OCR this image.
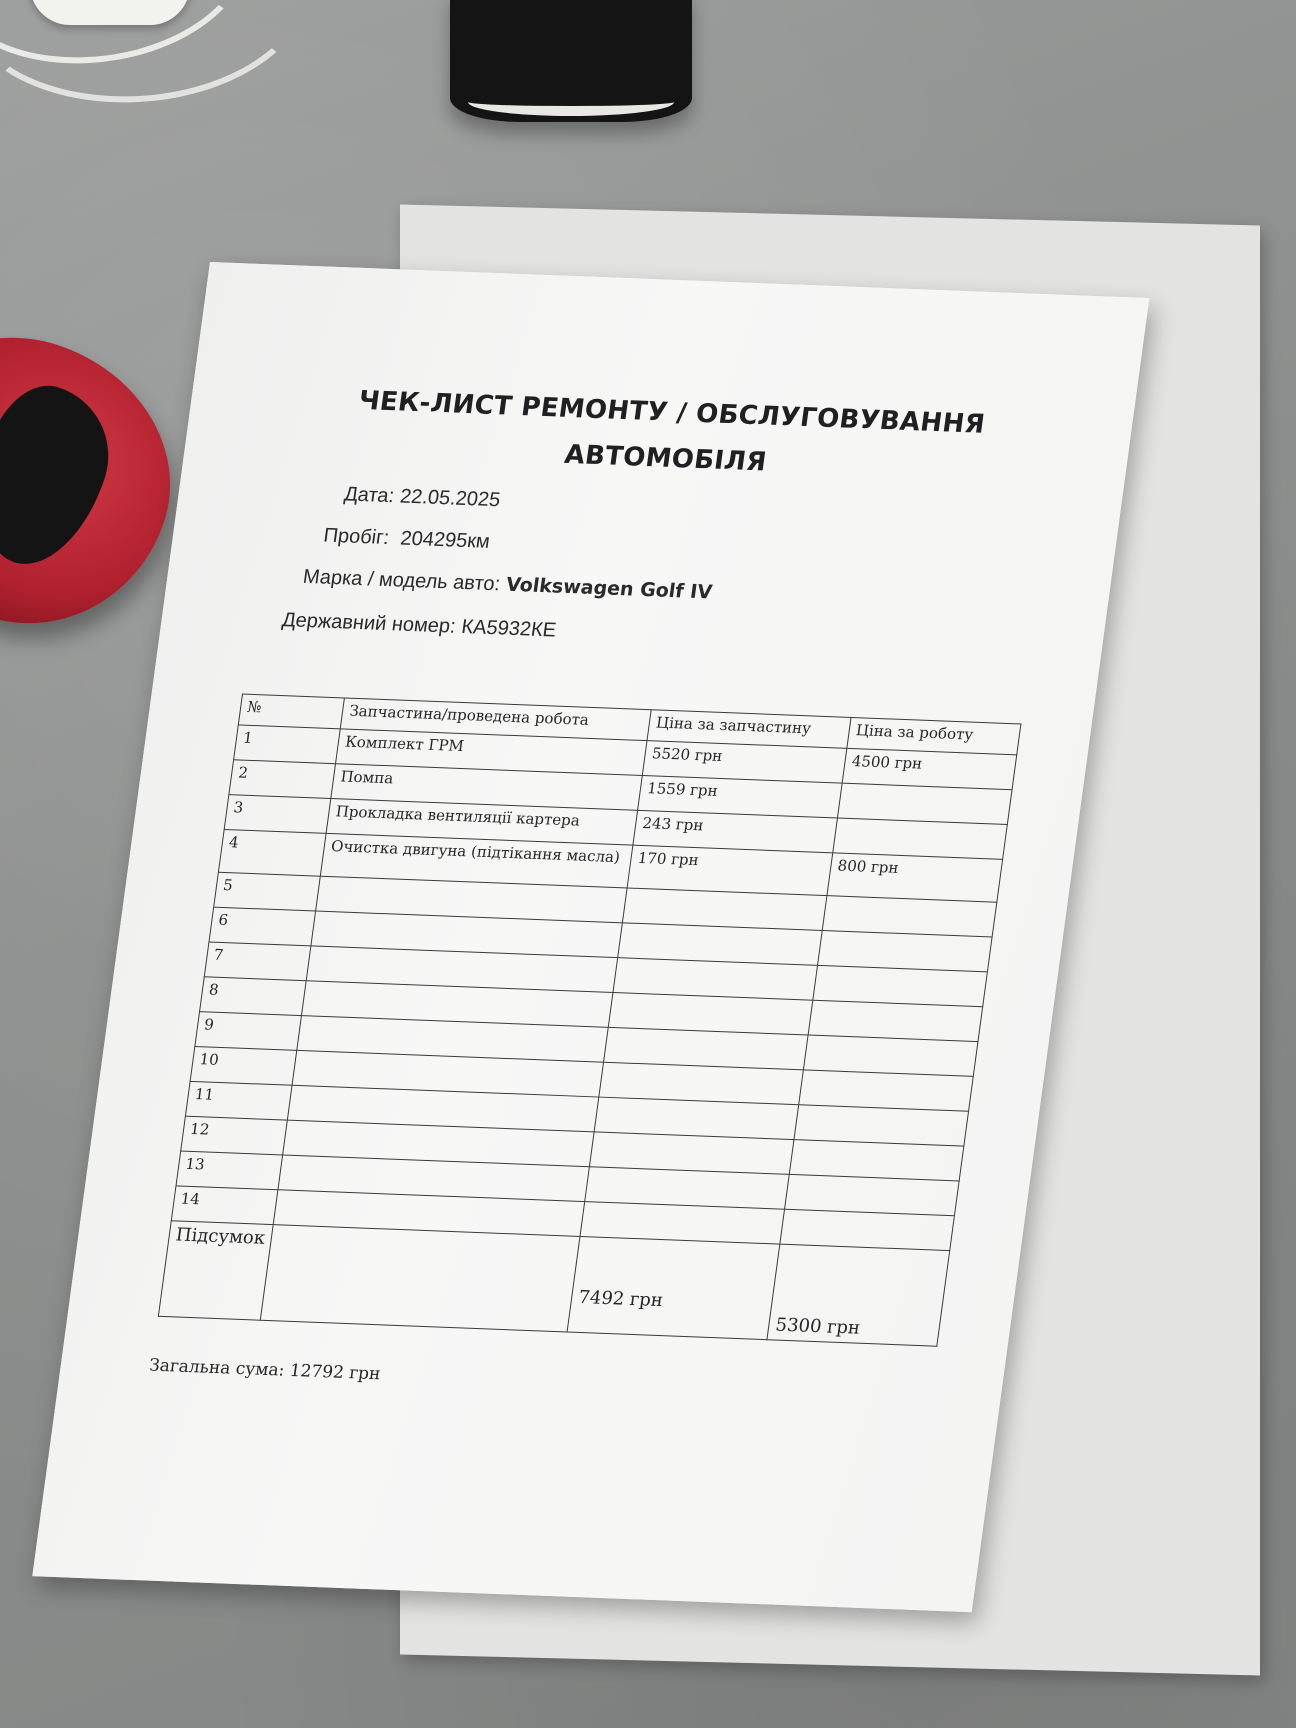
ЧЕК-ЛИСТ РЕМОНТУ / ОБСЛУГОВУВАННЯ
АВТОМОБІЛЯ
Дата: 22.05.2025
Пробіг: 204295км
Марка / модель авто: Volkswagen Golf IV
Державний номер: КА5932КЕ
№	Запчастина/проведена робота	Ціна за запчастину	Ціна за роботу
1	Комплект ГРМ	5520 грн	4500 грн
2	Помпа	1559 грн	
3	Прокладка вентиляції картера	243 грн	
4	Очистка двигуна (підтікання масла)	170 грн	800 грн
5			
6			
7			
8			
9			
10			
11			
12			
13			
14			
Підсумок		7492 грн	5300 грн
Загальна сума: 12792 грн
